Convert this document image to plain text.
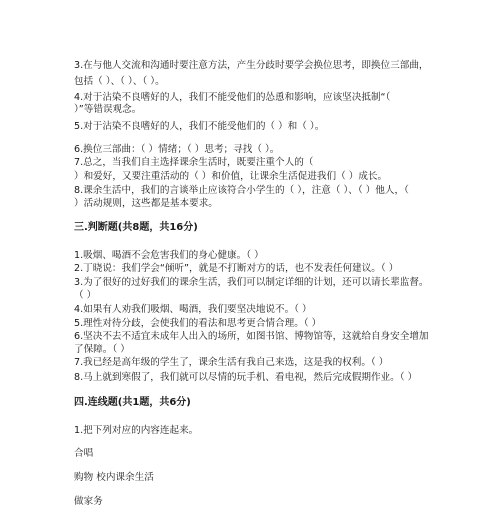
3.在与他人交流和沟通时要注意方法，产生分歧时要学会换位思考，即换位三部曲，
包括（ ）、（ ）、（ ）。
4.对于沾染不良嗜好的人，我们不能受他们的怂恿和影响，应该坚决抵制“（
）”等错误观念。
5.对于沾染不良嗜好的人，我们不能受他们的（ ）和（ ）。
6.换位三部曲：（ ）情绪；（ ）思考；寻找（ ）。
7.总之，当我们自主选择课余生活时，既要注重个人的（
）和爱好，又要注重活动的（ ）和价值，让课余生活促进我们（ ）成长。
8.课余生活中，我们的言谈举止应该符合小学生的（ ），注意（ ）、（ ）他人，（
）活动规则，这些都是基本要求。
三.判断题(共8题，共16分)
1.吸烟、喝酒不会危害我们的身心健康。（ ）
2.丁晓说：我们学会“倾听”，就是不打断对方的话，也不发表任何建议。（ ）
3.为了很好的过好我们的课余生活，我们可以制定详细的计划，还可以请长辈监督。
（ ）
4.如果有人劝我们吸烟、喝酒，我们要坚决地说不。（ ）
5.理性对待分歧，会使我们的看法和思考更合情合理。（ ）
6.坚决不去不适宜未成年人出入的场所，如图书馆、博物馆等，这就给自身安全增加
了保障。（ ）
7.我已经是高年级的学生了，课余生活有我自己来选，这是我的权利。（ ）
8.马上就到寒假了，我们就可以尽情的玩手机、看电视，然后完成假期作业。（ ）
四.连线题(共1题，共6分)
1.把下列对应的内容连起来。
合唱
购物 校内课余生活
做家务
